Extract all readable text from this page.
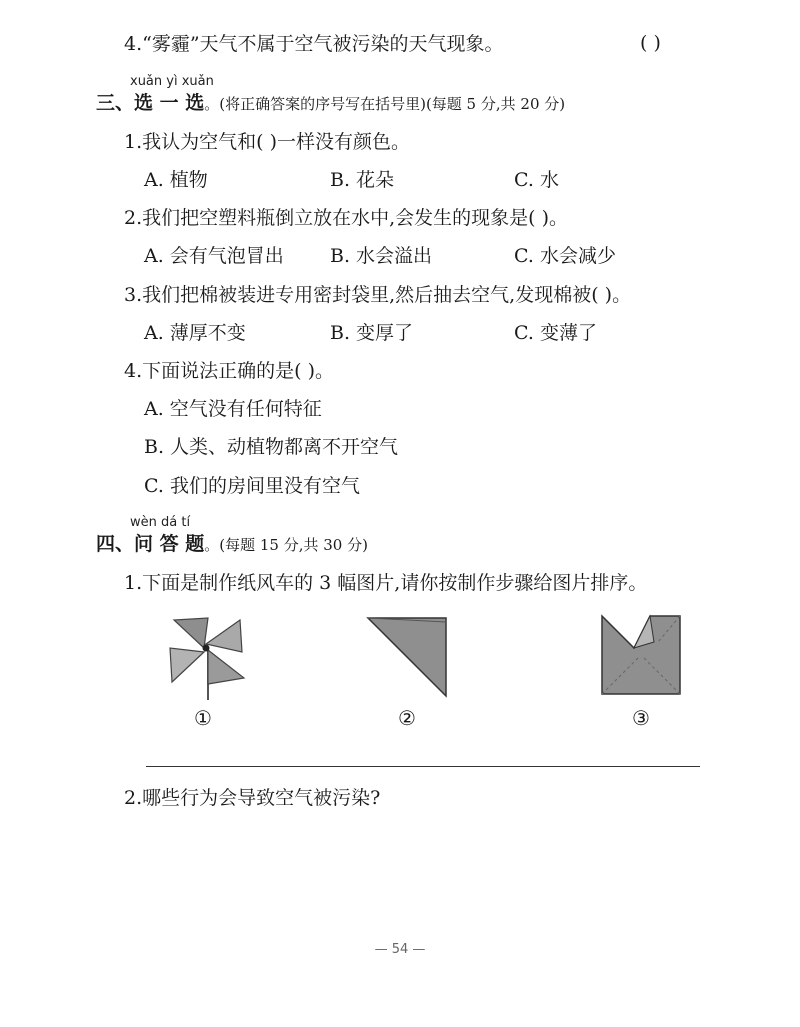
4.“雾霾”天气不属于空气被污染的天气现象。	( )
xuǎn yì xuǎn
三、选 一 选。(将正确答案的序号写在括号里)(每题 5 分,共 20 分)
1.我认为空气和( )一样没有颜色。
A. 植物	B. 花朵	C. 水
2.我们把空塑料瓶倒立放在水中,会发生的现象是( )。
A. 会有气泡冒出 B. 水会溢出	C. 水会减少
3.我们把棉被装进专用密封袋里,然后抽去空气,发现棉被( )。
A. 薄厚不变	B. 变厚了	C. 变薄了
4.下面说法正确的是( )。
A. 空气没有任何特征
B. 人类、动植物都离不开空气
C. 我们的房间里没有空气
wèn dá tí
四、问 答 题。(每题 15 分,共 30 分)
1.下面是制作纸风车的 3 幅图片,请你按制作步骤给图片排序。
①	②	③
2.哪些行为会导致空气被污染?
— 54 —
